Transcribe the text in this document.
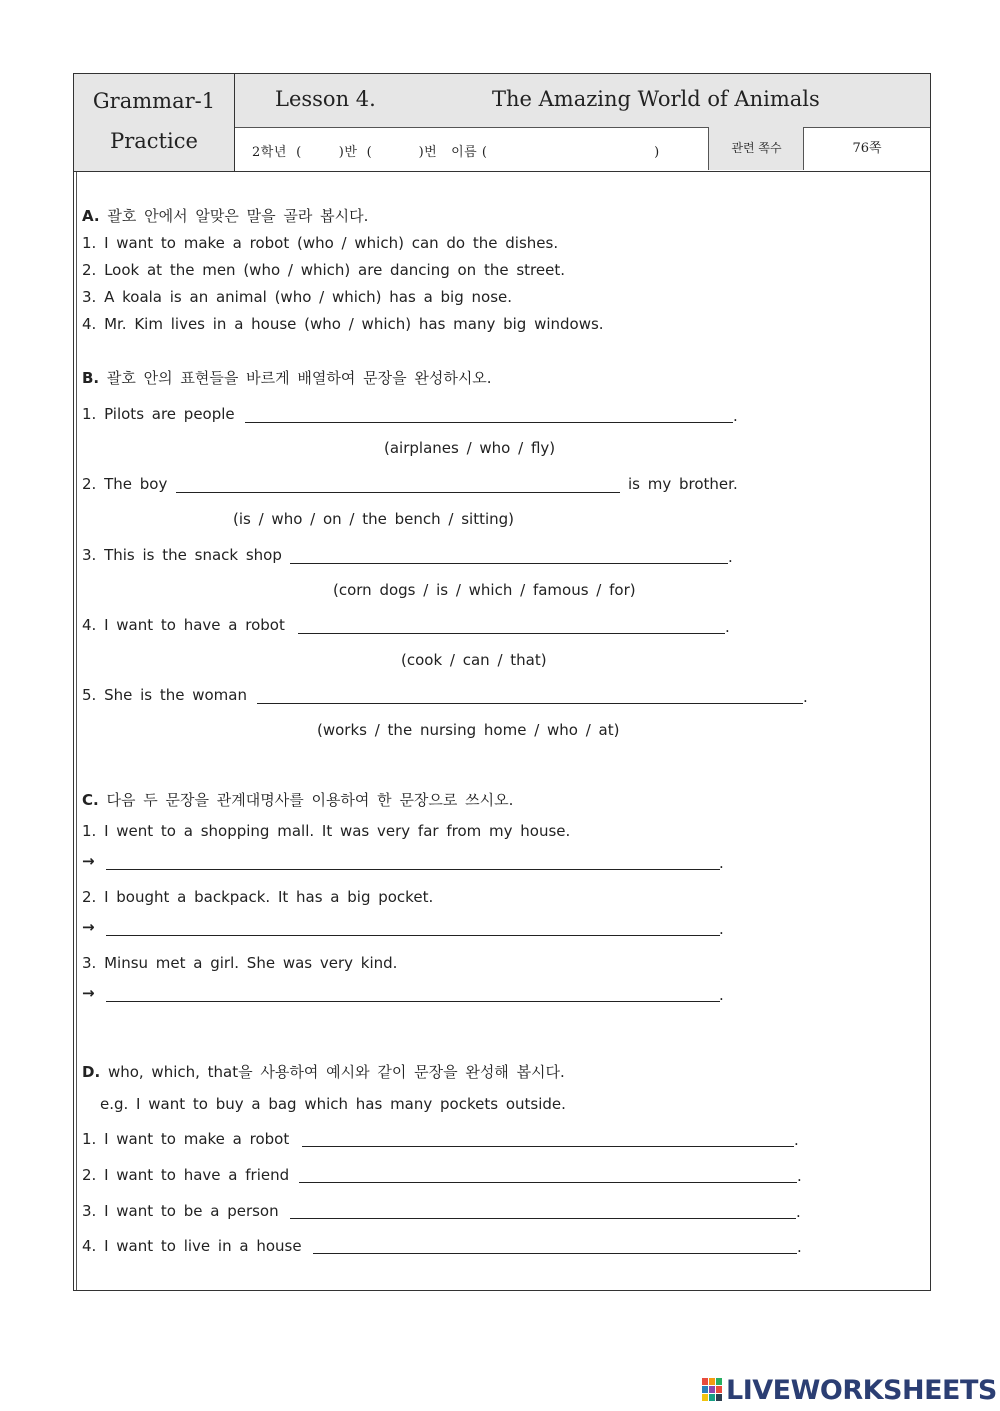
Grammar-1
Practice
Lesson 4.	The Amazing World of Animals
2학년  (        )반  (          )번   이름 (                                    )	관련 쪽수	76쪽
A. 괄호 안에서 알맞은 말을 골라 봅시다.
1. I want to make a robot (who / which) can do the dishes.
2. Look at the men (who / which) are dancing on the street.
3. A koala is an animal (who / which) has a big nose.
4. Mr. Kim lives in a house (who / which) has many big windows.
B. 괄호 안의 표현들을 바르게 배열하여 문장을 완성하시오.
1. Pilots are people	.
(airplanes / who / fly)
2. The boy	is my brother.
(is / who / on / the bench / sitting)
3. This is the snack shop	.
(corn dogs / is / which / famous / for)
4. I want to have a robot	.
(cook / can / that)
5. She is the woman	.
(works / the nursing home / who / at)
C. 다음 두 문장을 관계대명사를 이용하여 한 문장으로 쓰시오.
1. I went to a shopping mall. It was very far from my house.
→	.
2. I bought a backpack. It has a big pocket.
→	.
3. Minsu met a girl. She was very kind.
→	.
D. who, which, that을 사용하여 예시와 같이 문장을 완성해 봅시다.
e.g. I want to buy a bag which has many pockets outside.
1. I want to make a robot	.
2. I want to have a friend	.
3. I want to be a person	.
4. I want to live in a house	.
LIVEWORKSHEETS
